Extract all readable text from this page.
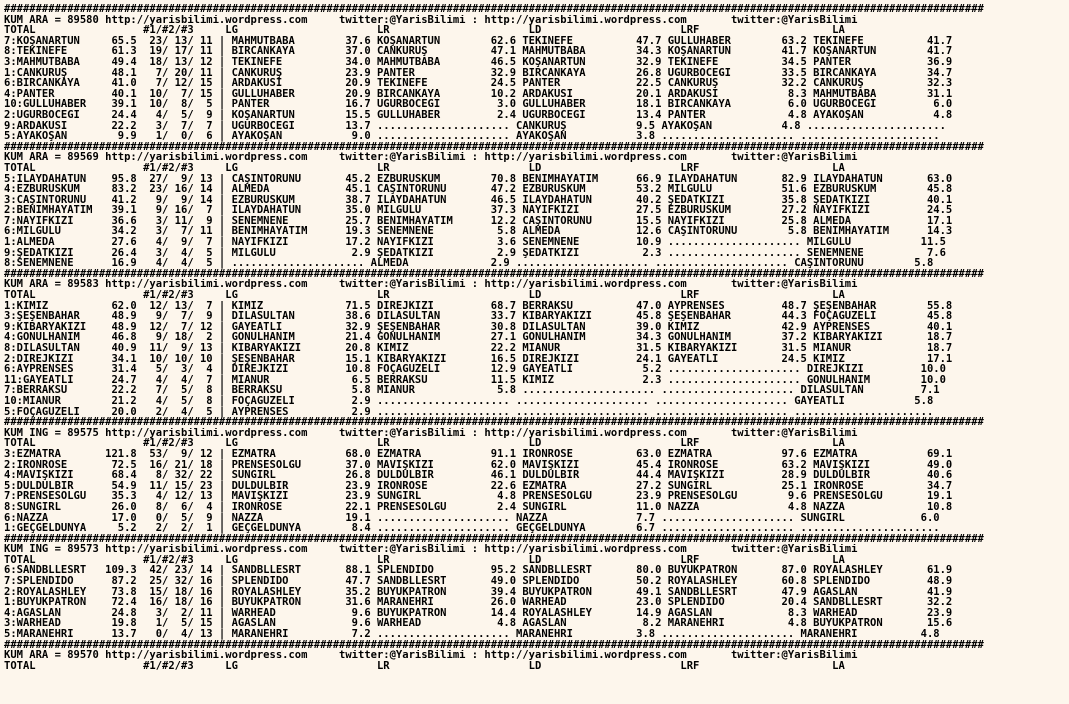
###########################################################################################################################################################
KUM ARA = 89580 http://yarisbilimi.wordpress.com     twitter:@YarisBilimi : http://yarisbilimi.wordpress.com       twitter:@YarisBilimi
TOTAL                 #1/#2/#3     LG                      LR                      LD                      LRF                     LA
7:KOŞANARTUN     65.5  23/ 13/ 11 | MAHMUTBABA        37.6 KOŞANARTUN        62.6 TEKİNEFE          47.7 GÜLLÜHABER        63.2 TEKİNEFE          41.7
8:TEKİNEFE       61.3  19/ 17/ 11 | BİRCANKAYA        37.0 CANKURUŞ          47.1 MAHMUTBABA        34.3 KOŞANARTUN        41.7 KOŞANARTUN        41.7
3:MAHMUTBABA     49.4  18/ 13/ 12 | TEKİNEFE          34.0 MAHMUTBABA        46.5 KOŞANARTUN        32.9 TEKİNEFE          34.5 PANTER            36.9
1:CANKURUŞ       48.1   7/ 20/ 11 | CANKURUŞ          23.9 PANTER            32.9 BİRCANKAYA        26.8 UĞURBÖCEĞİ        33.5 BİRCANKAYA        34.7
6:BİRCANKAYA     41.0   7/ 12/ 15 | ARDAKUSİ          20.9 TEKİNEFE          24.5 PANTER            22.5 CANKURUŞ          32.2 CANKURUŞ          32.3
4:PANTER         40.1  10/  7/ 15 | GÜLLÜHABER        20.9 BİRCANKAYA        10.2 ARDAKUSİ          20.1 ARDAKUSİ           8.3 MAHMUTBABA        31.1
10:GÜLLÜHABER    39.1  10/  8/  5 | PANTER            16.7 UĞURBÖCEĞİ         3.0 GÜLLÜHABER        18.1 BİRCANKAYA         6.0 UĞURBÖCEĞİ         6.0
2:UĞURBÖCEĞİ     24.4   4/  5/  9 | KOŞANARTUN        15.5 GÜLLÜHABER         2.4 UĞURBÖCEĞİ        13.4 PANTER             4.8 AYAKOŞAN           4.8
9:ARDAKUSİ       22.2   3/  7/  7 | UĞURBÖCEĞİ        13.7 ..................... CANKURUŞ           9.5 AYAKOŞAN           4.8 ......................
5:AYAKOŞAN        9.9   1/  0/  6 | AYAKOŞAN           9.0 ..................... AYAKOŞAN           3.8 ..................... ......................
###########################################################################################################################################################
KUM ARA = 89569 http://yarisbilimi.wordpress.com     twitter:@YarisBilimi : http://yarisbilimi.wordpress.com       twitter:@YarisBilimi
TOTAL                 #1/#2/#3     LG                      LR                      LD                      LRF                     LA
5:İLAYDAHATUN    95.8  27/  9/ 13 | CAŞINTORUNU       45.2 EZBÜRÜSKÜM        70.8 BENİMHAYATIM      66.9 İLAYDAHATUN       82.9 İLAYDAHATUN       63.0
4:EZBÜRÜSKÜM     83.2  23/ 16/ 14 | ALMEDA            45.1 CAŞINTORUNU       47.2 EZBÜRÜSKÜM        53.2 MİLGÜLÜ           51.6 EZBÜRÜSKÜM        45.8
3:CAŞINTORUNU    41.2   9/  9/ 14 | EZBÜRÜSKÜM        38.7 İLAYDAHATUN       46.5 İLAYDAHATUN       40.2 ŞEDATKIZI         35.8 ŞEDATKIZI         40.1
2:BENİMHAYATIM   39.1   9/ 16/  7 | İLAYDAHATUN       35.0 MİLGÜLÜ           37.3 NAYIFKIZI         27.5 EZBÜRÜSKÜM        27.2 NAYIFKIZI         24.5
7:NAYIFKIZI      36.6   3/ 11/  9 | SENEMNENE         25.7 BENİMHAYATIM      12.2 CAŞINTORUNU       15.5 NAYIFKIZI         25.8 ALMEDA            17.1
6:MİLGÜLÜ        34.2   3/  7/ 11 | BENİMHAYATIM      19.3 SENEMNENE          5.8 ALMEDA            12.6 CAŞINTORUNU        5.8 BENİMHAYATIM      14.3
1:ALMEDA         27.6   4/  9/  7 | NAYIFKIZI         17.2 NAYIFKIZI          3.6 SENEMNENE         10.9 ..................... MİLGÜLÜ           11.5
9:ŞEDATKIZI      26.4   3/  4/  5 | MİLGÜLÜ            2.9 ŞEDATKIZI          2.9 ŞEDATKIZI          2.3 ..................... SENEMNENE          7.6
8:SENEMNENE      16.9   4/  4/  5 | ..................... ALMEDA             2.9 ..................... ..................... CAŞINTORUNU        5.8
###########################################################################################################################################################
KUM ARA = 89583 http://yarisbilimi.wordpress.com     twitter:@YarisBilimi : http://yarisbilimi.wordpress.com       twitter:@YarisBilimi
TOTAL                 #1/#2/#3     LG                      LR                      LD                      LRF                     LA
1:KIMIZ          62.0  12/ 13/  7 | KIMIZ             71.5 DİREJKIZI         68.7 BERRAKSU          47.0 AYPRENSES         48.7 ŞEŞENBAHAR        55.8
3:ŞEŞENBAHAR     48.9   9/  7/  9 | DİLASULTAN        38.6 DİLASULTAN        33.7 KİBARYAKIZI       45.8 ŞEŞENBAHAR        44.3 FOÇAGÜZELİ        45.8
9:KİBARYAKIZI    48.9  12/  7/ 12 | GAYEATLI          32.9 ŞEŞENBAHAR        30.8 DİLASULTAN        39.0 KIMIZ             42.9 AYPRENSES         40.1
4:GÖNÜLHANIM     46.8   9/ 18/  2 | GÖNÜLHANIM        21.4 GÖNÜLHANIM        27.1 GÖNÜLHANIM        34.3 GÖNÜLHANIM        37.2 KİBARYAKIZI       18.7
8:DİLASULTAN     40.9  11/  9/ 13 | KİBARYAKIZI       20.8 KIMIZ             22.2 MİANUR            31.5 KİBARYAKIZI       31.5 MİANUR            18.7
2:DİREJKIZI      34.1  10/ 10/ 10 | ŞEŞENBAHAR        15.1 KİBARYAKIZI       16.5 DİREJKIZI         24.1 GAYEATLI          24.5 KIMIZ             17.1
6:AYPRENSES      31.4   5/  3/  4 | DİREJKIZI         10.8 FOÇAGÜZELİ        12.9 GAYEATLI           5.2 ..................... DİREJKIZI         10.0
11:GAYEATLI      24.7   4/  4/  7 | MİANUR             6.5 BERRAKSU          11.5 KIMIZ              2.3 ..................... GÖNÜLHANIM        10.0
7:BERRAKSU       22.2   7/  5/  8 | BERRAKSU           5.8 MİANUR             5.8 ..................... ..................... DİLASULTAN         7.1
10:MİANUR        21.2   4/  5/  8 | FOÇAGÜZELİ         2.9 ..................... ..................... ..................... GAYEATLI           5.8
5:FOÇAGÜZELİ     20.0   2/  4/  5 | AYPRENSES          2.9 ..................... ..................... ..................... ......................
###########################################################################################################################################################
KUM ING = 89575 http://yarisbilimi.wordpress.com     twitter:@YarisBilimi : http://yarisbilimi.wordpress.com       twitter:@YarisBilimi
TOTAL                 #1/#2/#3     LG                      LR                      LD                      LRF                     LA
3:EZMATRA       121.8  53/  9/ 12 | EZMATRA           68.0 EZMATRA           91.1 IRONROSE          63.0 EZMATRA           97.6 EZMATRA           69.1
2:IRONROSE       72.5  16/ 21/ 18 | PRENSESOLGU       37.0 MAVİŞKIZI         62.0 MAVİŞKIZI         45.4 IRONROSE          63.2 MAVİŞKIZI         49.0
4:MAVİŞKIZI      68.4   8/ 32/ 22 | SUNGIRL           26.8 DÜLDÜLBİR         46.1 DÜLDÜLBİR         44.4 MAVİŞKIZI         28.9 DÜLDÜLBİR         40.6
5:DÜLDÜLBİR      54.9  11/ 15/ 23 | DÜLDÜLBİR         23.9 IRONROSE          22.6 EZMATRA           27.2 SUNGIRL           25.1 IRONROSE          34.7
7:PRENSESOLGU    35.3   4/ 12/ 13 | MAVİŞKIZI         23.9 SUNGIRL            4.8 PRENSESOLGU       23.9 PRENSESOLGU        9.6 PRENSESOLGU       19.1
8:SUNGIRL        26.0   8/  6/  4 | IRONROSE          22.1 PRENSESOLGU        2.4 SUNGIRL           11.0 NAZZA              4.8 NAZZA             10.8
6:NAZZA          17.0   0/  5/  9 | NAZZA             19.1 ..................... NAZZA              7.7 ..................... SUNGIRL            6.0
1:GEÇGELDÜNYA     5.2   2/  2/  1 | GEÇGELDÜNYA        8.4 ..................... GEÇGELDÜNYA        6.7 ..................... ......................
###########################################################################################################################################################
KUM ING = 89573 http://yarisbilimi.wordpress.com     twitter:@YarisBilimi : http://yarisbilimi.wordpress.com       twitter:@YarisBilimi
TOTAL                 #1/#2/#3     LG                      LR                      LD                      LRF                     LA
6:SANDBLLESRT   109.3  42/ 23/ 14 | SANDBLLESRT       88.1 SPLENDIDO         95.2 SANDBLLESRT       80.0 BÜYÜKPATRON       87.0 ROYALASHLEY       61.9
7:SPLENDIDO      87.2  25/ 32/ 16 | SPLENDIDO         47.7 SANDBLLESRT       49.0 SPLENDIDO         50.2 ROYALASHLEY       60.8 SPLENDIDO         48.9
2:ROYALASHLEY    73.8  15/ 18/ 16 | ROYALASHLEY       35.2 BÜYÜKPATRON       39.4 BÜYÜKPATRON       49.1 SANDBLLESRT       47.9 AĞASLAN           41.9
1:BÜYÜKPATRON    72.4  16/ 18/ 16 | BÜYÜKPATRON       31.6 MARANEHRİ         26.0 WARHEAD           23.0 SPLENDIDO         20.4 SANDBLLESRT       32.2
4:AĞASLAN        24.8   3/  2/ 11 | WARHEAD            9.6 BÜYÜKPATRON       14.4 ROYALASHLEY       14.9 AĞASLAN            8.3 WARHEAD           23.9
3:WARHEAD        19.8   1/  5/ 15 | AĞASLAN            9.6 WARHEAD            4.8 AĞASLAN            8.2 MARANEHRİ          4.8 BÜYÜKPATRON       15.6
5:MARANEHRİ      13.7   0/  4/ 13 | MARANEHRİ          7.2 ..................... MARANEHRİ          3.8 ..................... MARANEHRİ          4.8
###########################################################################################################################################################
KUM ARA = 89570 http://yarisbilimi.wordpress.com     twitter:@YarisBilimi : http://yarisbilimi.wordpress.com       twitter:@YarisBilimi
TOTAL                 #1/#2/#3     LG                      LR                      LD                      LRF                     LA
